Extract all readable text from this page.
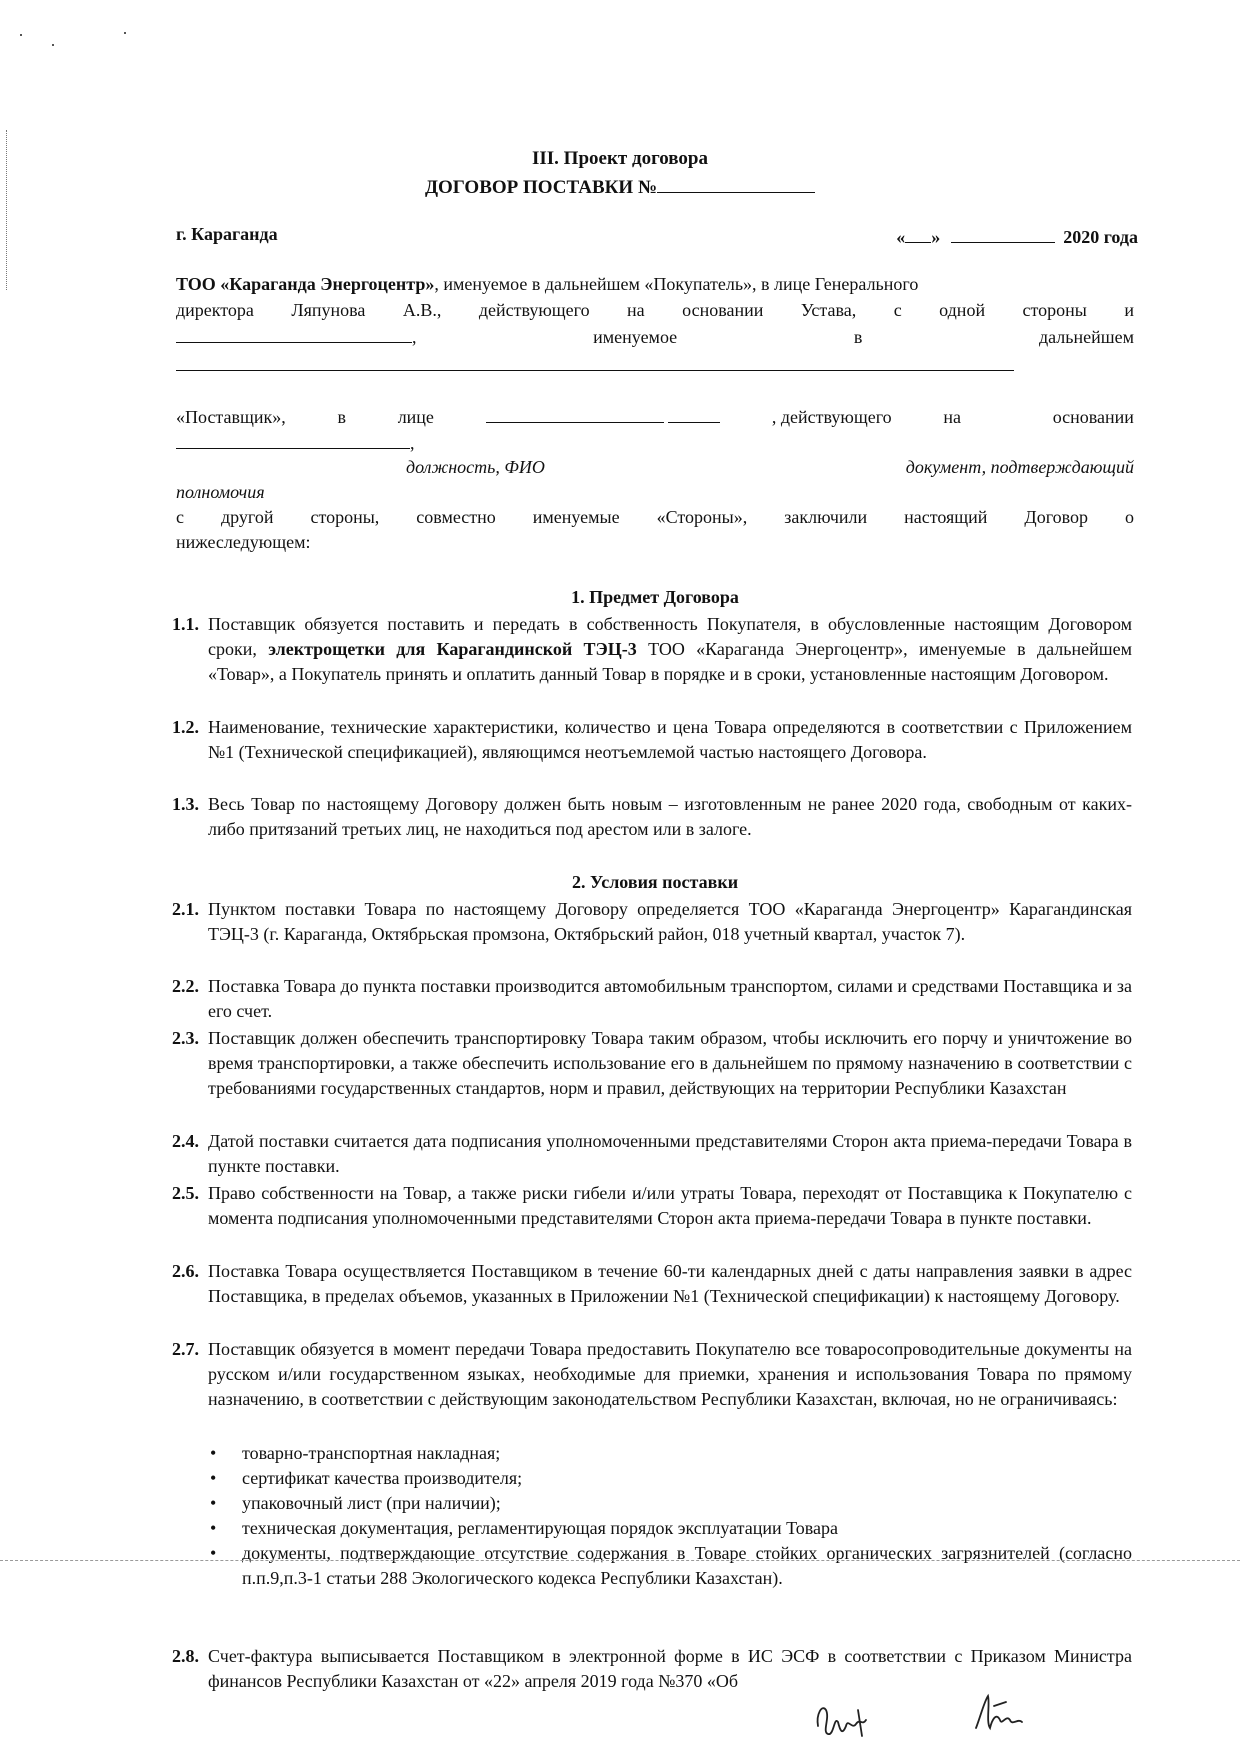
III. Проект договора
ДОГОВОР ПОСТАВКИ №
г. Караганда	« »	2020 года
ТОО «Караганда Энергоцентр», именуемое в дальнейшем «Покупатель», в лице Генерального
директора Ляпунова А.В., действующего на основании Устава, с одной стороны и
,	именуемое	в	дальнейшем
«Поставщик»,	в	лице
	, действующего	на	основании
,
должность, ФИО	документ, подтверждающий
полномочия
с другой стороны, совместно именуемые «Стороны», заключили настоящий Договор о
нижеследующем:
1. Предмет Договора
1.1. Поставщик обязуется поставить и передать в собственность Покупателя, в обусловленные настоящим Договором сроки, электрощетки для Карагандинской ТЭЦ-3 ТОО «Караганда Энергоцентр», именуемые в дальнейшем «Товар», а Покупатель принять и оплатить данный Товар в порядке и в сроки, установленные настоящим Договором.
1.2. Наименование, технические характеристики, количество и цена Товара определяются в соответствии с Приложением №1 (Технической спецификацией), являющимся неотъемлемой частью настоящего Договора.
1.3. Весь Товар по настоящему Договору должен быть новым – изготовленным не ранее 2020 года, свободным от каких-либо притязаний третьих лиц, не находиться под арестом или в залоге.
2. Условия поставки
2.1. Пунктом поставки Товара по настоящему Договору определяется ТОО «Караганда Энергоцентр» Карагандинская ТЭЦ-3 (г. Караганда, Октябрьская промзона, Октябрьский район, 018 учетный квартал, участок 7).
2.2. Поставка Товара до пункта поставки производится автомобильным транспортом, силами и средствами Поставщика и за его счет.
2.3. Поставщик должен обеспечить транспортировку Товара таким образом, чтобы исключить его порчу и уничтожение во время транспортировки, а также обеспечить использование его в дальнейшем по прямому назначению в соответствии с требованиями государственных стандартов, норм и правил, действующих на территории Республики Казахстан
2.4. Датой поставки считается дата подписания уполномоченными представителями Сторон акта приема-передачи Товара в пункте поставки.
2.5. Право собственности на Товар, а также риски гибели и/или утраты Товара, переходят от Поставщика к Покупателю с момента подписания уполномоченными представителями Сторон акта приема-передачи Товара в пункте поставки.
2.6. Поставка Товара осуществляется Поставщиком в течение 60-ти календарных дней с даты направления заявки в адрес Поставщика, в пределах объемов, указанных в Приложении №1 (Технической спецификации) к настоящему Договору.
2.7. Поставщик обязуется в момент передачи Товара предоставить Покупателю все товаросопроводительные документы на русском и/или государственном языках, необходимые для приемки, хранения и использования Товара по прямому назначению, в соответствии с действующим законодательством Республики Казахстан, включая, но не ограничиваясь:
• товарно-транспортная накладная;
• сертификат качества производителя;
• упаковочный лист (при наличии);
• техническая документация, регламентирующая порядок эксплуатации Товара
• документы, подтверждающие отсутствие содержания в Товаре стойких органических загрязнителей (согласно п.п.9,п.3-1 статьи 288 Экологического кодекса Республики Казахстан).
2.8. Счет-фактура выписывается Поставщиком в электронной форме в ИС ЭСФ в соответствии с Приказом Министра финансов Республики Казахстан от «22» апреля 2019 года №370 «Об
